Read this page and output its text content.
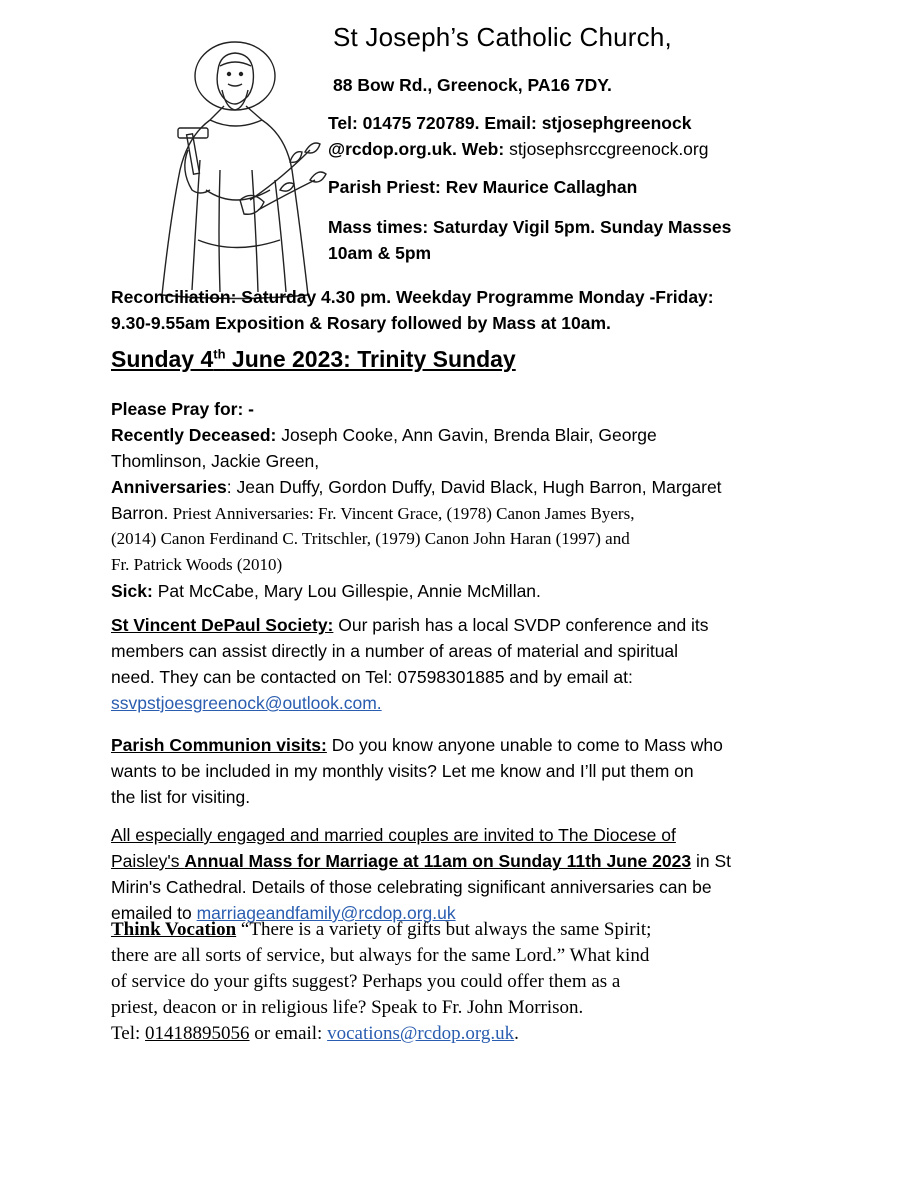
St Joseph’s Catholic Church,
88 Bow Rd., Greenock, PA16 7DY.
Tel: 01475 720789. Email: stjosephgreenock
@rcdop.org.uk. Web: stjosephsrccgreenock.org
Parish Priest: Rev Maurice Callaghan
Mass times: Saturday Vigil 5pm. Sunday Masses
10am & 5pm
Reconciliation: Saturday 4.30 pm. Weekday Programme Monday -Friday:
9.30-9.55am Exposition & Rosary followed by Mass at 10am.
Sunday 4th June 2023: Trinity Sunday
Please Pray for: -
Recently Deceased: Joseph Cooke, Ann Gavin, Brenda Blair, George
Thomlinson, Jackie Green,
Anniversaries: Jean Duffy, Gordon Duffy, David Black, Hugh Barron, Margaret
Barron. Priest Anniversaries: Fr. Vincent Grace, (1978) Canon James Byers,
(2014) Canon Ferdinand C. Tritschler, (1979) Canon John Haran (1997) and
Fr. Patrick Woods (2010)
Sick: Pat McCabe, Mary Lou Gillespie, Annie McMillan.
St Vincent DePaul Society: Our parish has a local SVDP conference and its
members can assist directly in a number of areas of material and spiritual
need. They can be contacted on Tel: 07598301885 and by email at:
ssvpstjoesgreenock@outlook.com.
Parish Communion visits: Do you know anyone unable to come to Mass who
wants to be included in my monthly visits? Let me know and I’ll put them on
the list for visiting.
All especially engaged and married couples are invited to The Diocese of
Paisley's Annual Mass for Marriage at 11am on Sunday 11th June 2023 in St
Mirin's Cathedral. Details of those celebrating significant anniversaries can be
emailed to marriageandfamily@rcdop.org.uk
Think Vocation “There is a variety of gifts but always the same Spirit;
there are all sorts of service, but always for the same Lord.” What kind
of service do your gifts suggest? Perhaps you could offer them as a
priest, deacon or in religious life? Speak to Fr. John Morrison.
Tel: 01418895056 or email: vocations@rcdop.org.uk.
